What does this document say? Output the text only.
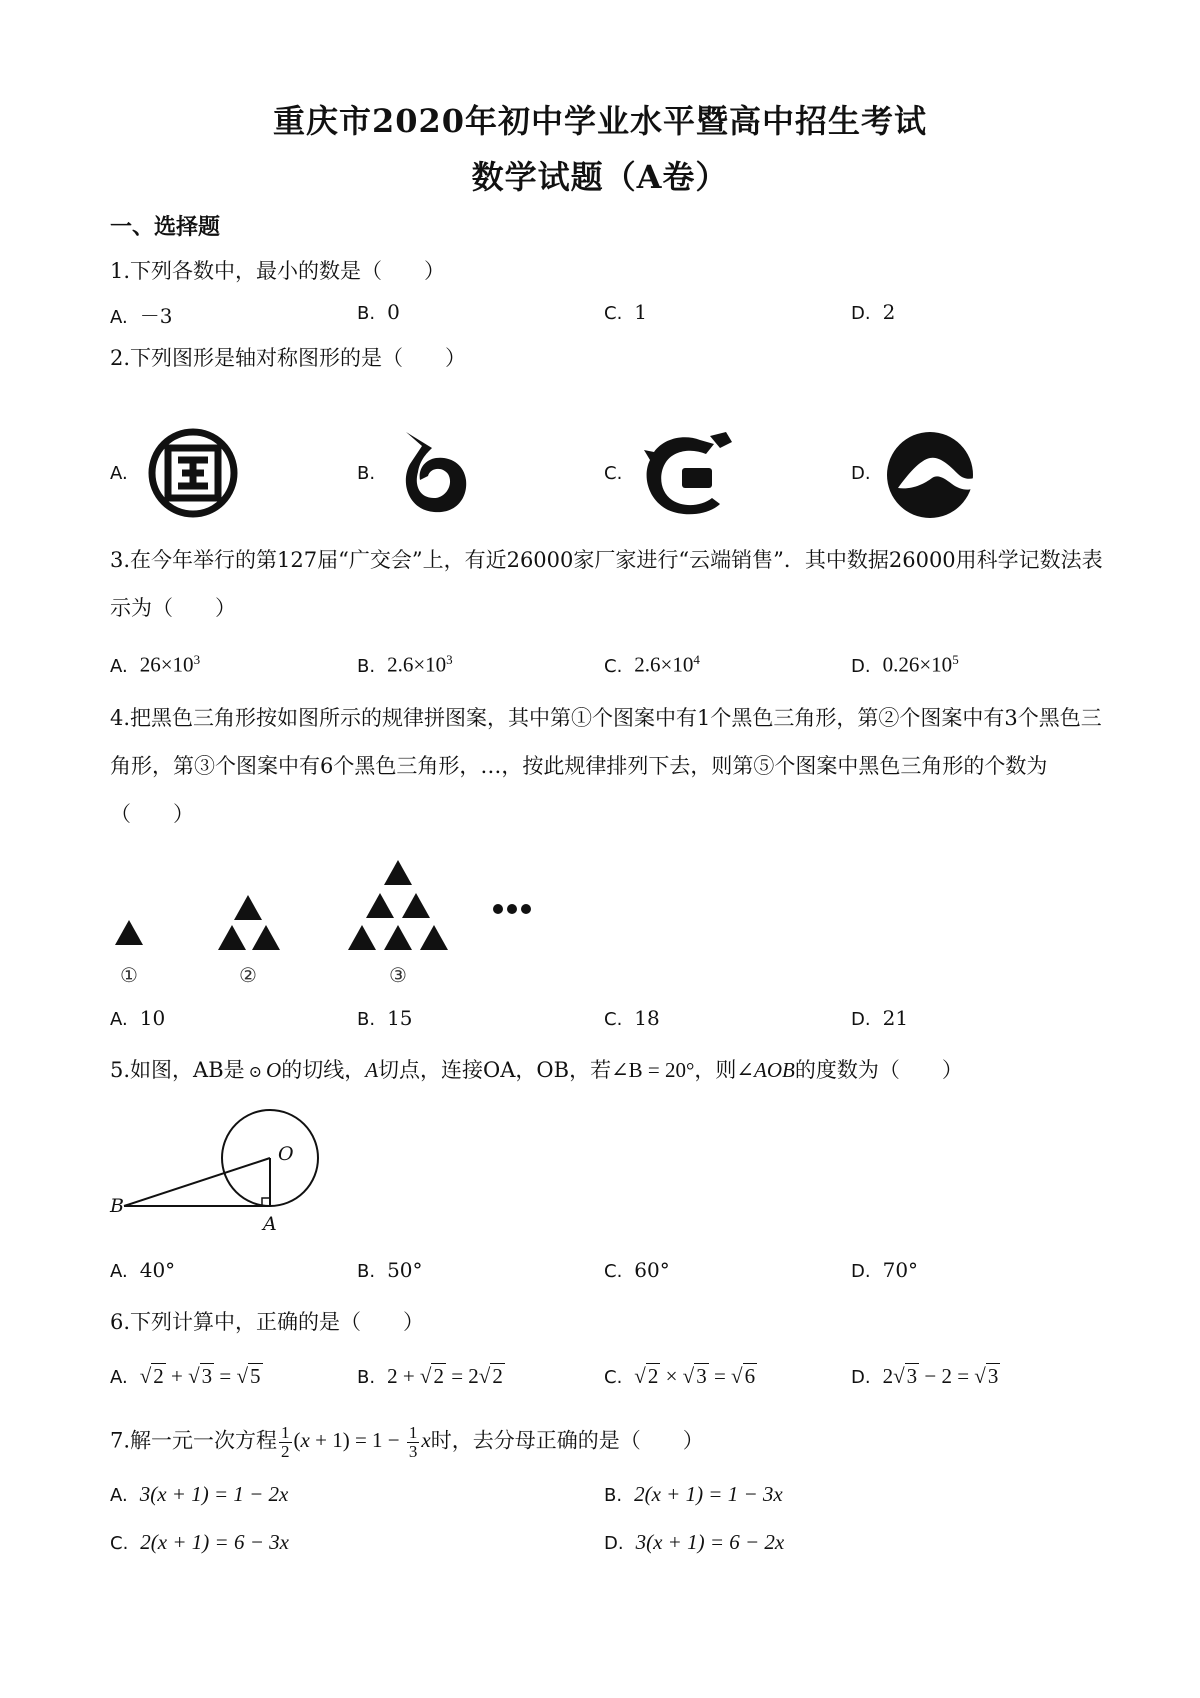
重庆市2020年初中学业水平暨高中招生考试
数学试题（A卷）
一、选择题
1.下列各数中，最小的数是（　　）
A. －3	B. 0	C. 1	D. 2
2.下列图形是轴对称图形的是（　　）
A.	B.	C.	D.
3.在今年举行的第127届“广交会”上，有近26000家厂家进行“云端销售”．其中数据26000用科学记数法表示为（　　）
A. $26\times 10^3$	B. $2.6\times 10^3$	C. $2.6\times 10^4$	D. $0.26\times 10^5$
4.把黑色三角形按如图所示的规律拼图案，其中第①个图案中有1个黑色三角形，第②个图案中有3个黑色三角形，第③个图案中有6个黑色三角形，…，按此规律排列下去，则第⑤个图案中黑色三角形的个数为（　　）
①	②	③
A. 10	B. 15	C. 18	D. 21
5.如图，AB是 ⊙ O的切线，A切点，连接OA，OB，若∠B = 20°，则∠AOB的度数为（　　）
B
O
A
A. 40°	B. 50°	C. 60°	D. 70°
6.下列计算中，正确的是（　　）
A. √2 + √3 = √5	B. 2 + √2 = 2√2	C. √2 × √3 = √6	D. 2√3 − 2 = √3
7.解一元一次方程 $\frac{1}{2} (x + 1) = 1 - \frac{1}{3}$ x时，去分母正确的是（　　）
A. 3(x + 1) = 1 − 2x	B. 2(x + 1) = 1 − 3x
C. 2(x + 1) = 6 − 3x	D. 3(x + 1) = 6 − 2x
